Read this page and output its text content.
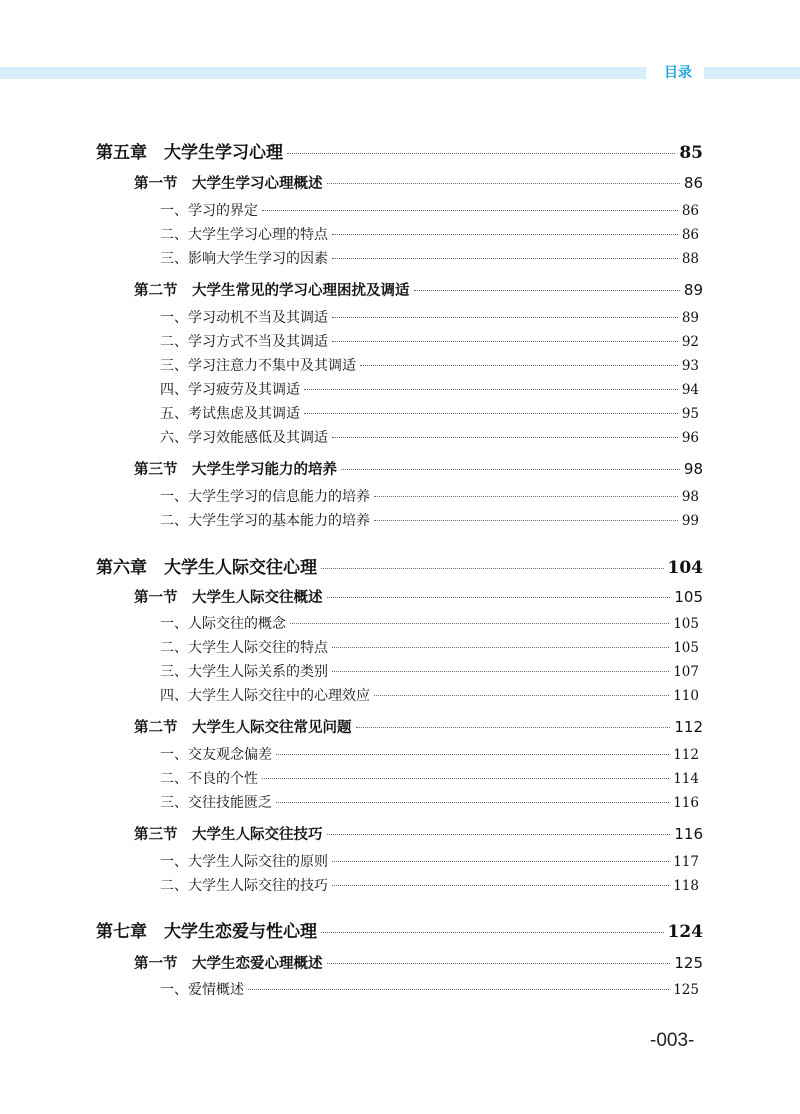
目录
第五章　大学生学习心理	85
第一节　大学生学习心理概述	86
一、学习的界定	86
二、大学生学习心理的特点	86
三、影响大学生学习的因素	88
第二节　大学生常见的学习心理困扰及调适	89
一、学习动机不当及其调适	89
二、学习方式不当及其调适	92
三、学习注意力不集中及其调适	93
四、学习疲劳及其调适	94
五、考试焦虑及其调适	95
六、学习效能感低及其调适	96
第三节　大学生学习能力的培养	98
一、大学生学习的信息能力的培养	98
二、大学生学习的基本能力的培养	99
第六章　大学生人际交往心理	104
第一节　大学生人际交往概述	105
一、人际交往的概念	105
二、大学生人际交往的特点	105
三、大学生人际关系的类别	107
四、大学生人际交往中的心理效应	110
第二节　大学生人际交往常见问题	112
一、交友观念偏差	112
二、不良的个性	114
三、交往技能匮乏	116
第三节　大学生人际交往技巧	116
一、大学生人际交往的原则	117
二、大学生人际交往的技巧	118
第七章　大学生恋爱与性心理	124
第一节　大学生恋爱心理概述	125
一、爱情概述	125
-003-
